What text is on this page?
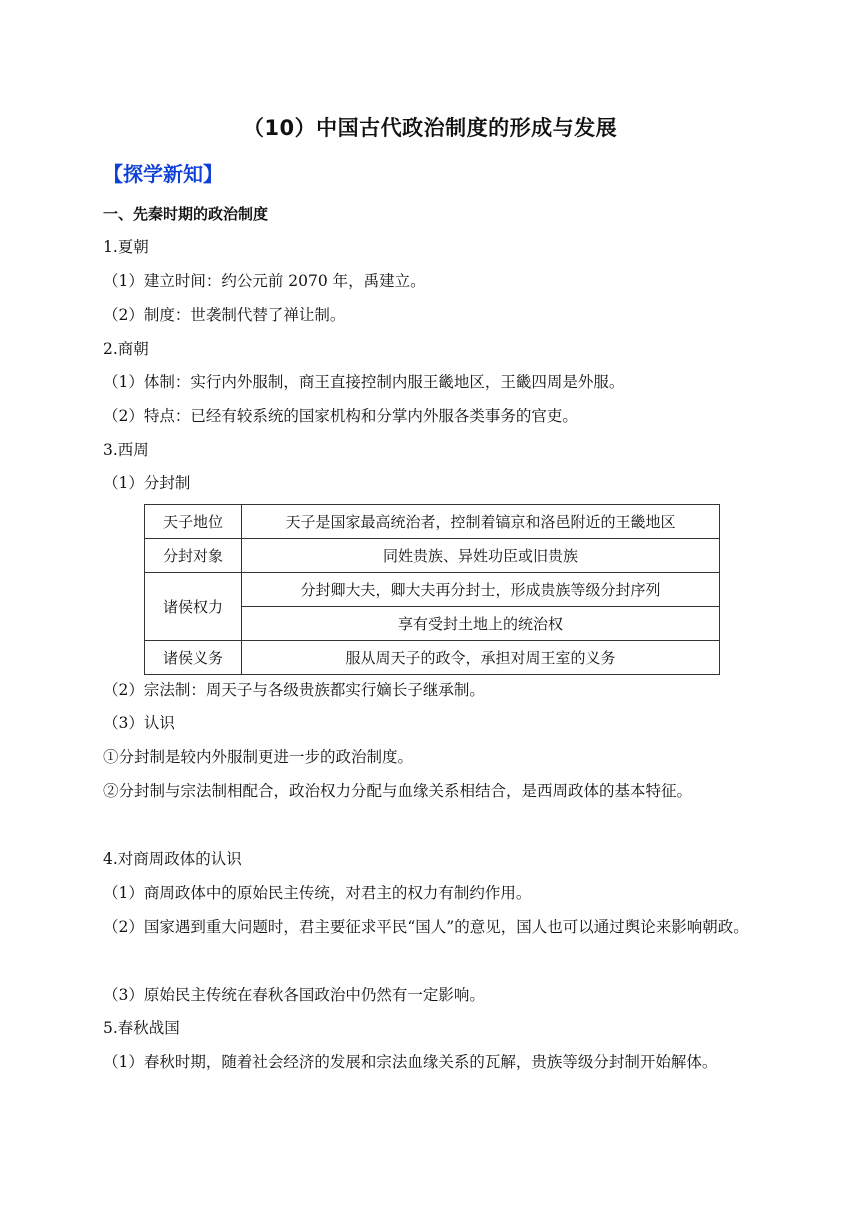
（10）中国古代政治制度的形成与发展
【探学新知】
一、先秦时期的政治制度
1.夏朝
（1）建立时间：约公元前 2070 年，禹建立。
（2）制度：世袭制代替了禅让制。
2.商朝
（1）体制：实行内外服制，商王直接控制内服王畿地区，王畿四周是外服。
（2）特点：已经有较系统的国家机构和分掌内外服各类事务的官吏。
3.西周
（1）分封制
天子地位	天子是国家最高统治者，控制着镐京和洛邑附近的王畿地区
分封对象	同姓贵族、异姓功臣或旧贵族
诸侯权力	分封卿大夫，卿大夫再分封士，形成贵族等级分封序列
	享有受封土地上的统治权
诸侯义务	服从周天子的政令，承担对周王室的义务
（2）宗法制：周天子与各级贵族都实行嫡长子继承制。
（3）认识
①分封制是较内外服制更进一步的政治制度。
②分封制与宗法制相配合，政治权力分配与血缘关系相结合，是西周政体的基本特征。
4.对商周政体的认识
（1）商周政体中的原始民主传统，对君主的权力有制约作用。
（2）国家遇到重大问题时，君主要征求平民“国人”的意见，国人也可以通过舆论来影响朝政。
（3）原始民主传统在春秋各国政治中仍然有一定影响。
5.春秋战国
（1）春秋时期，随着社会经济的发展和宗法血缘关系的瓦解，贵族等级分封制开始解体。
